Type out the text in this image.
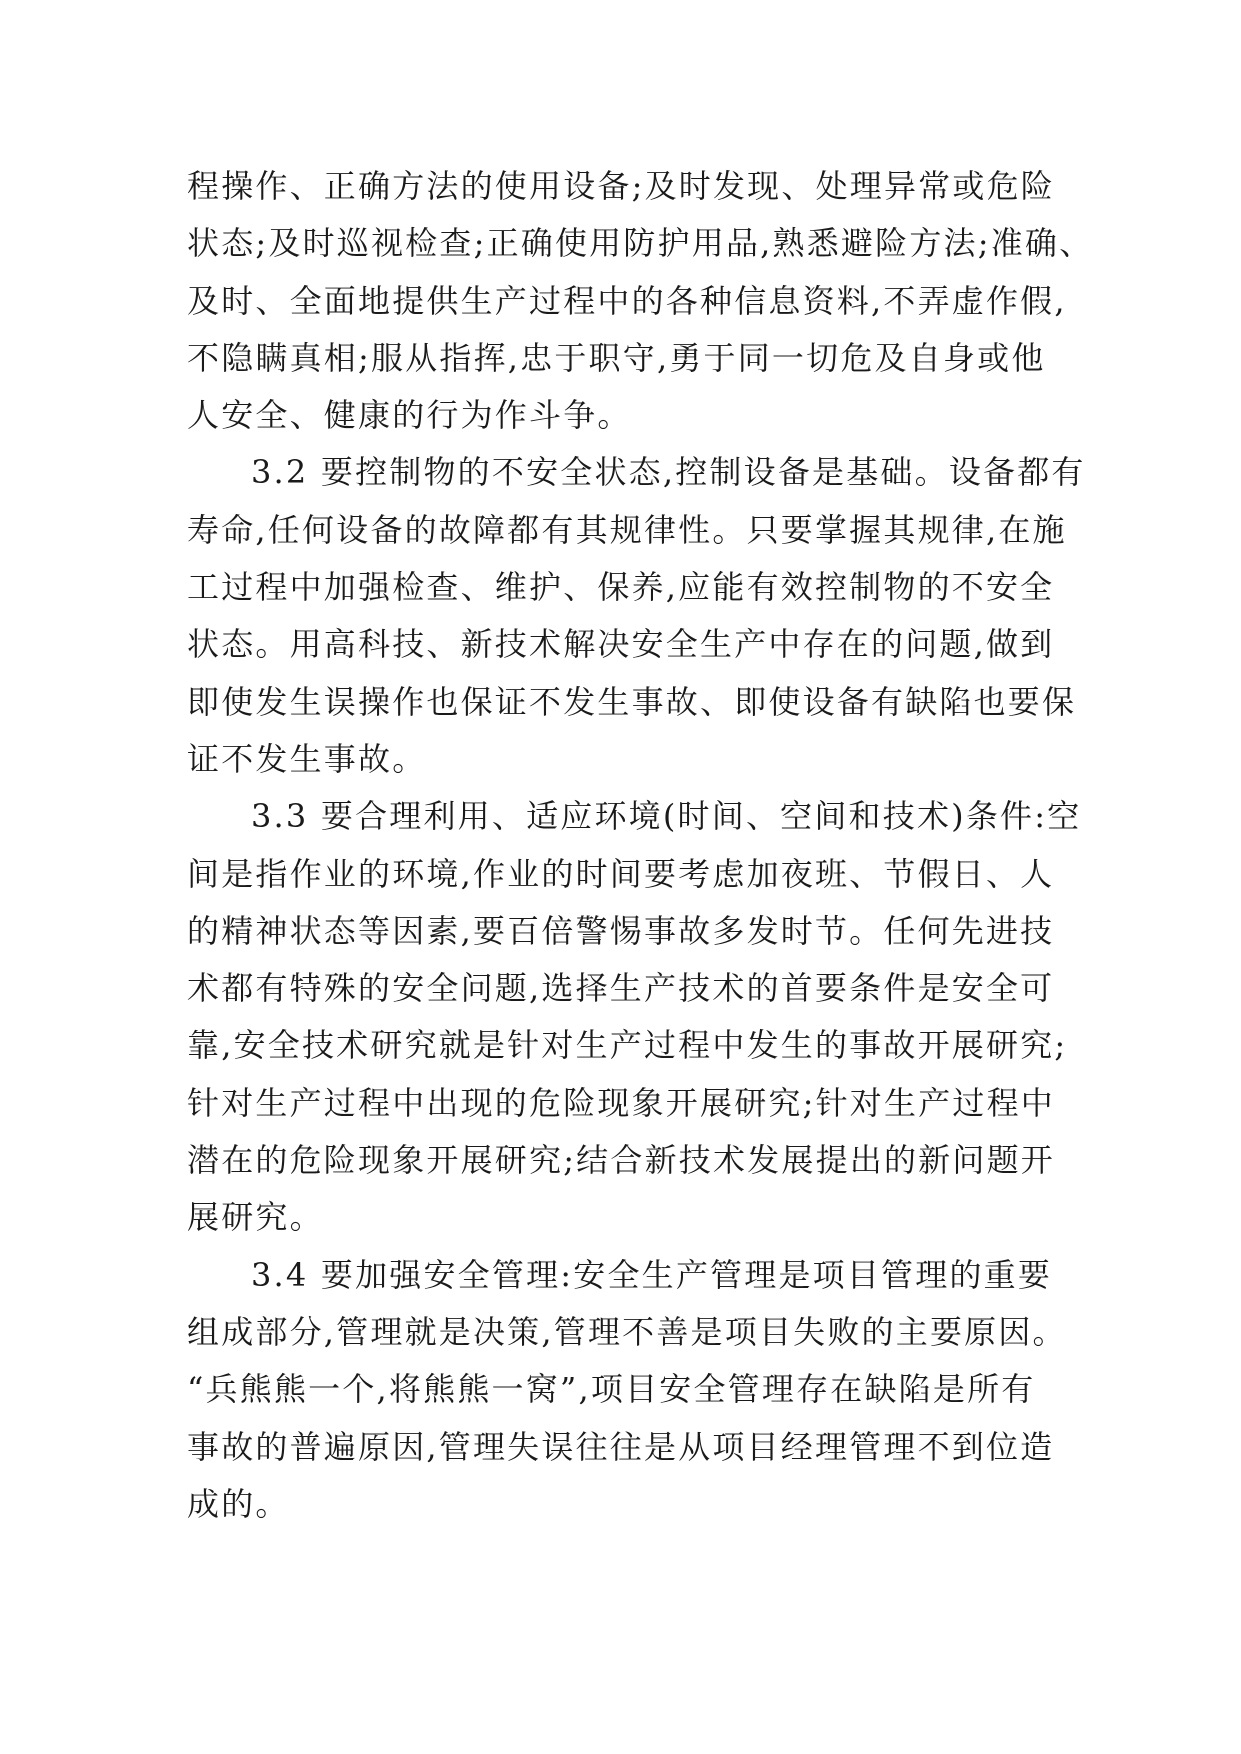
程操作、正确方法的使用设备;及时发现、处理异常或危险
状态;及时巡视检查;正确使用防护用品,熟悉避险方法;准确、
及时、全面地提供生产过程中的各种信息资料,不弄虚作假,
不隐瞒真相;服从指挥,忠于职守,勇于同一切危及自身或他
人安全、健康的行为作斗争。
3.2 要控制物的不安全状态,控制设备是基础。设备都有
寿命,任何设备的故障都有其规律性。只要掌握其规律,在施
工过程中加强检查、维护、保养,应能有效控制物的不安全
状态。用高科技、新技术解决安全生产中存在的问题,做到
即使发生误操作也保证不发生事故、即使设备有缺陷也要保
证不发生事故。
3.3 要合理利用、适应环境(时间、空间和技术)条件:空
间是指作业的环境,作业的时间要考虑加夜班、节假日、人
的精神状态等因素,要百倍警惕事故多发时节。任何先进技
术都有特殊的安全问题,选择生产技术的首要条件是安全可
靠,安全技术研究就是针对生产过程中发生的事故开展研究;
针对生产过程中出现的危险现象开展研究;针对生产过程中
潜在的危险现象开展研究;结合新技术发展提出的新问题开
展研究。
3.4 要加强安全管理:安全生产管理是项目管理的重要
组成部分,管理就是决策,管理不善是项目失败的主要原因。
“兵熊熊一个,将熊熊一窝”,项目安全管理存在缺陷是所有
事故的普遍原因,管理失误往往是从项目经理管理不到位造
成的。
